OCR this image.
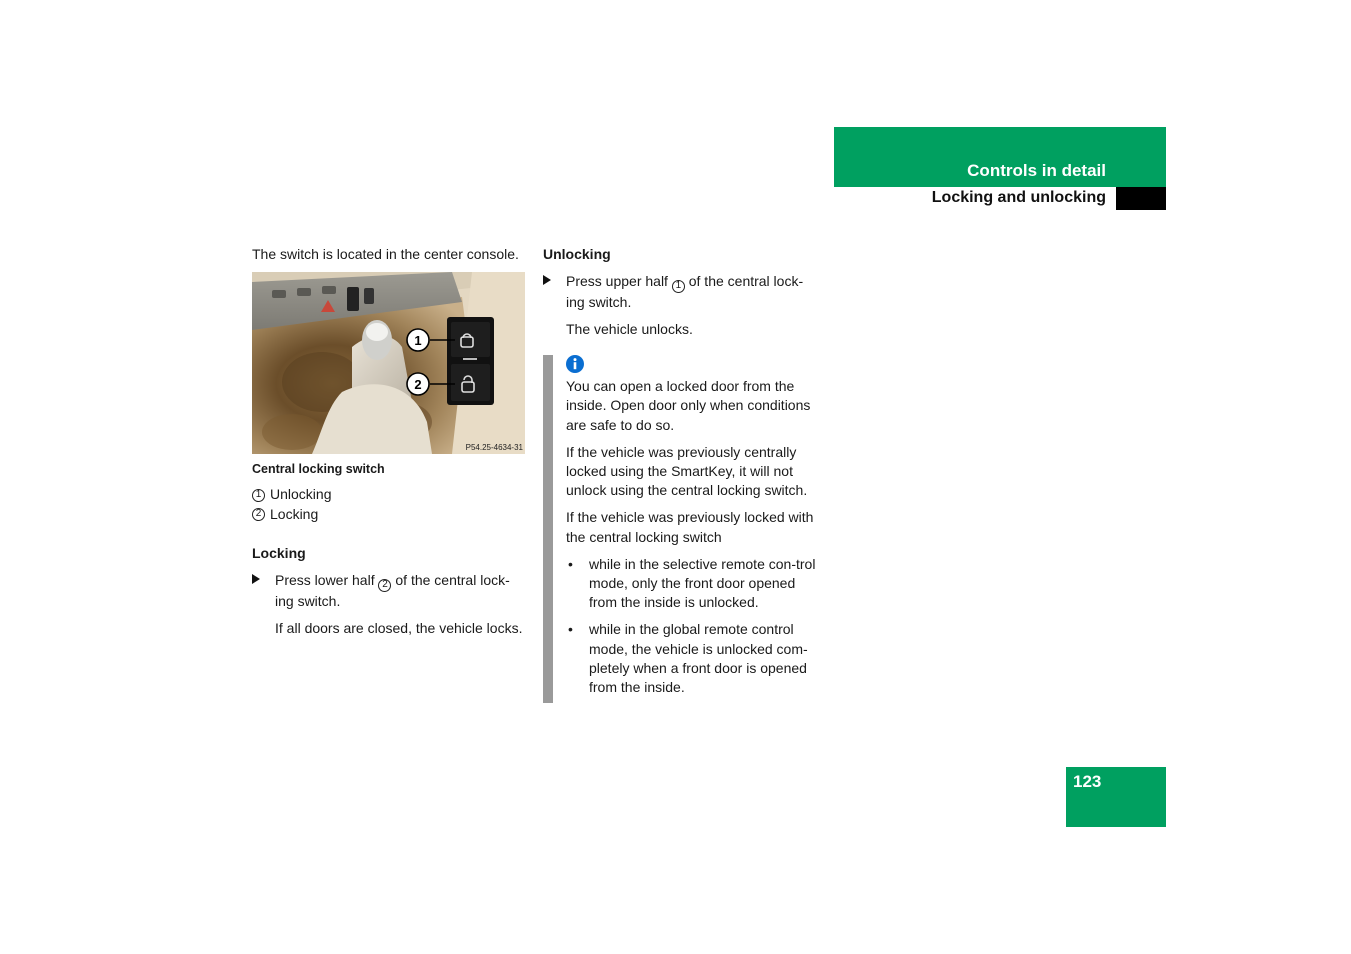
Controls in detail
Locking and unlocking

The switch is located in the center console.

1
2
P54.25-4634-31

Central locking switch

1 Unlocking
2 Locking

Locking

Press lower half 2 of the central lock-ing switch.

If all doors are closed, the vehicle locks.

Unlocking

Press upper half 1 of the central lock-ing switch.

The vehicle unlocks.

You can open a locked door from the inside. Open door only when conditions are safe to do so.

If the vehicle was previously centrally locked using the SmartKey, it will not unlock using the central locking switch.

If the vehicle was previously locked with the central locking switch

• while in the selective remote con-trol mode, only the front door opened from the inside is unlocked.
• while in the global remote control mode, the vehicle is unlocked com-pletely when a front door is opened from the inside.
123
